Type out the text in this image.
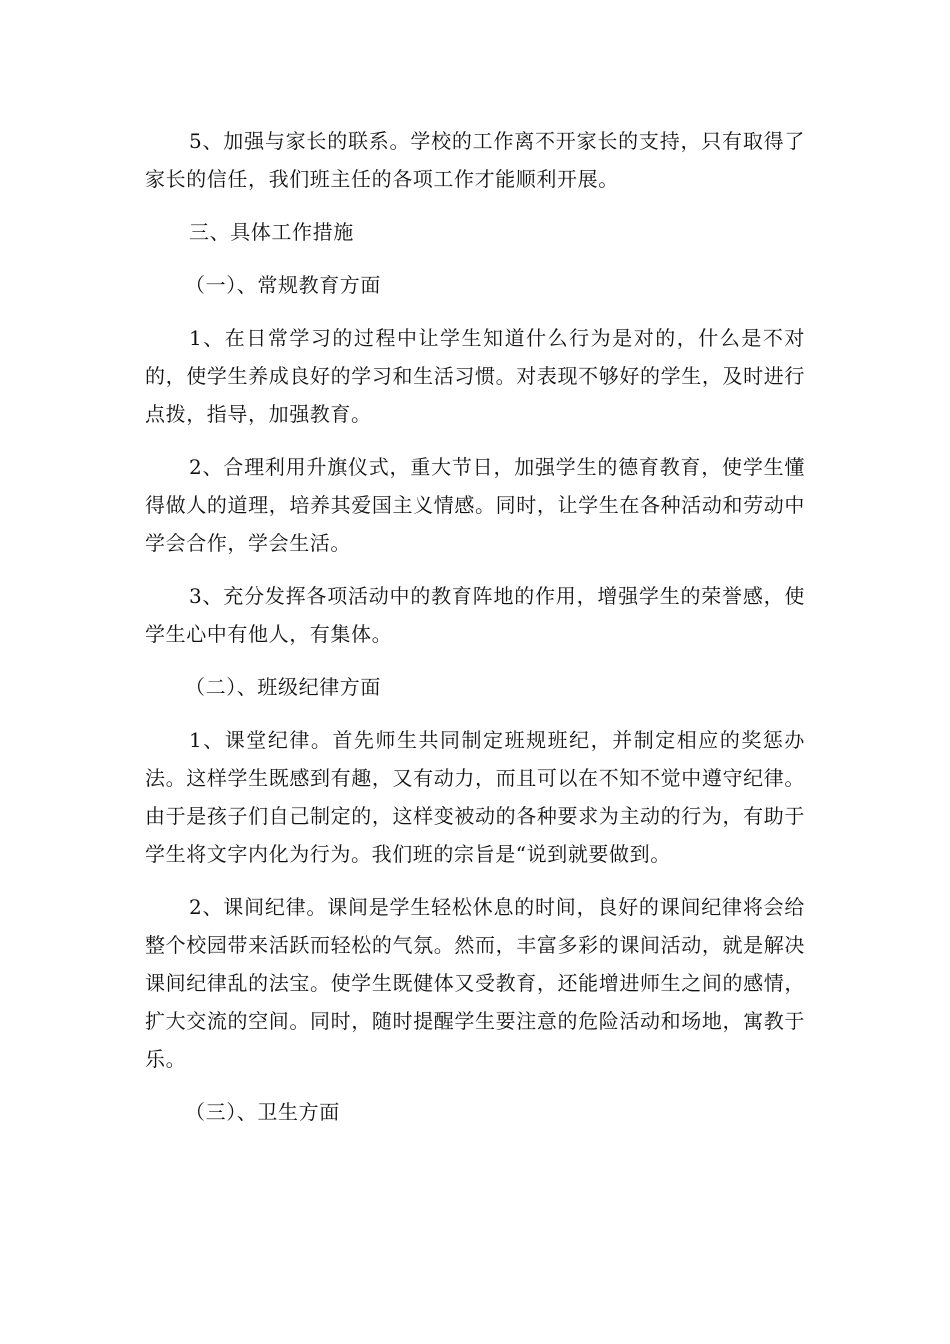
5、加强与家长的联系。学校的工作离不开家长的支持，只有取得了家长的信任，我们班主任的各项工作才能顺利开展。

三、具体工作措施

（一）、常规教育方面

1、在日常学习的过程中让学生知道什么行为是对的，什么是不对的，使学生养成良好的学习和生活习惯。对表现不够好的学生，及时进行点拨，指导，加强教育。

2、合理利用升旗仪式，重大节日，加强学生的德育教育，使学生懂得做人的道理，培养其爱国主义情感。同时，让学生在各种活动和劳动中学会合作，学会生活。

3、充分发挥各项活动中的教育阵地的作用，增强学生的荣誉感，使学生心中有他人，有集体。

（二）、班级纪律方面

1、课堂纪律。首先师生共同制定班规班纪，并制定相应的奖惩办法。这样学生既感到有趣，又有动力，而且可以在不知不觉中遵守纪律。由于是孩子们自己制定的，这样变被动的各种要求为主动的行为，有助于学生将文字内化为行为。我们班的宗旨是“说到就要做到。

2、课间纪律。课间是学生轻松休息的时间，良好的课间纪律将会给整个校园带来活跃而轻松的气氛。然而，丰富多彩的课间活动，就是解决课间纪律乱的法宝。使学生既健体又受教育，还能增进师生之间的感情，扩大交流的空间。同时，随时提醒学生要注意的危险活动和场地，寓教于乐。

（三）、卫生方面
